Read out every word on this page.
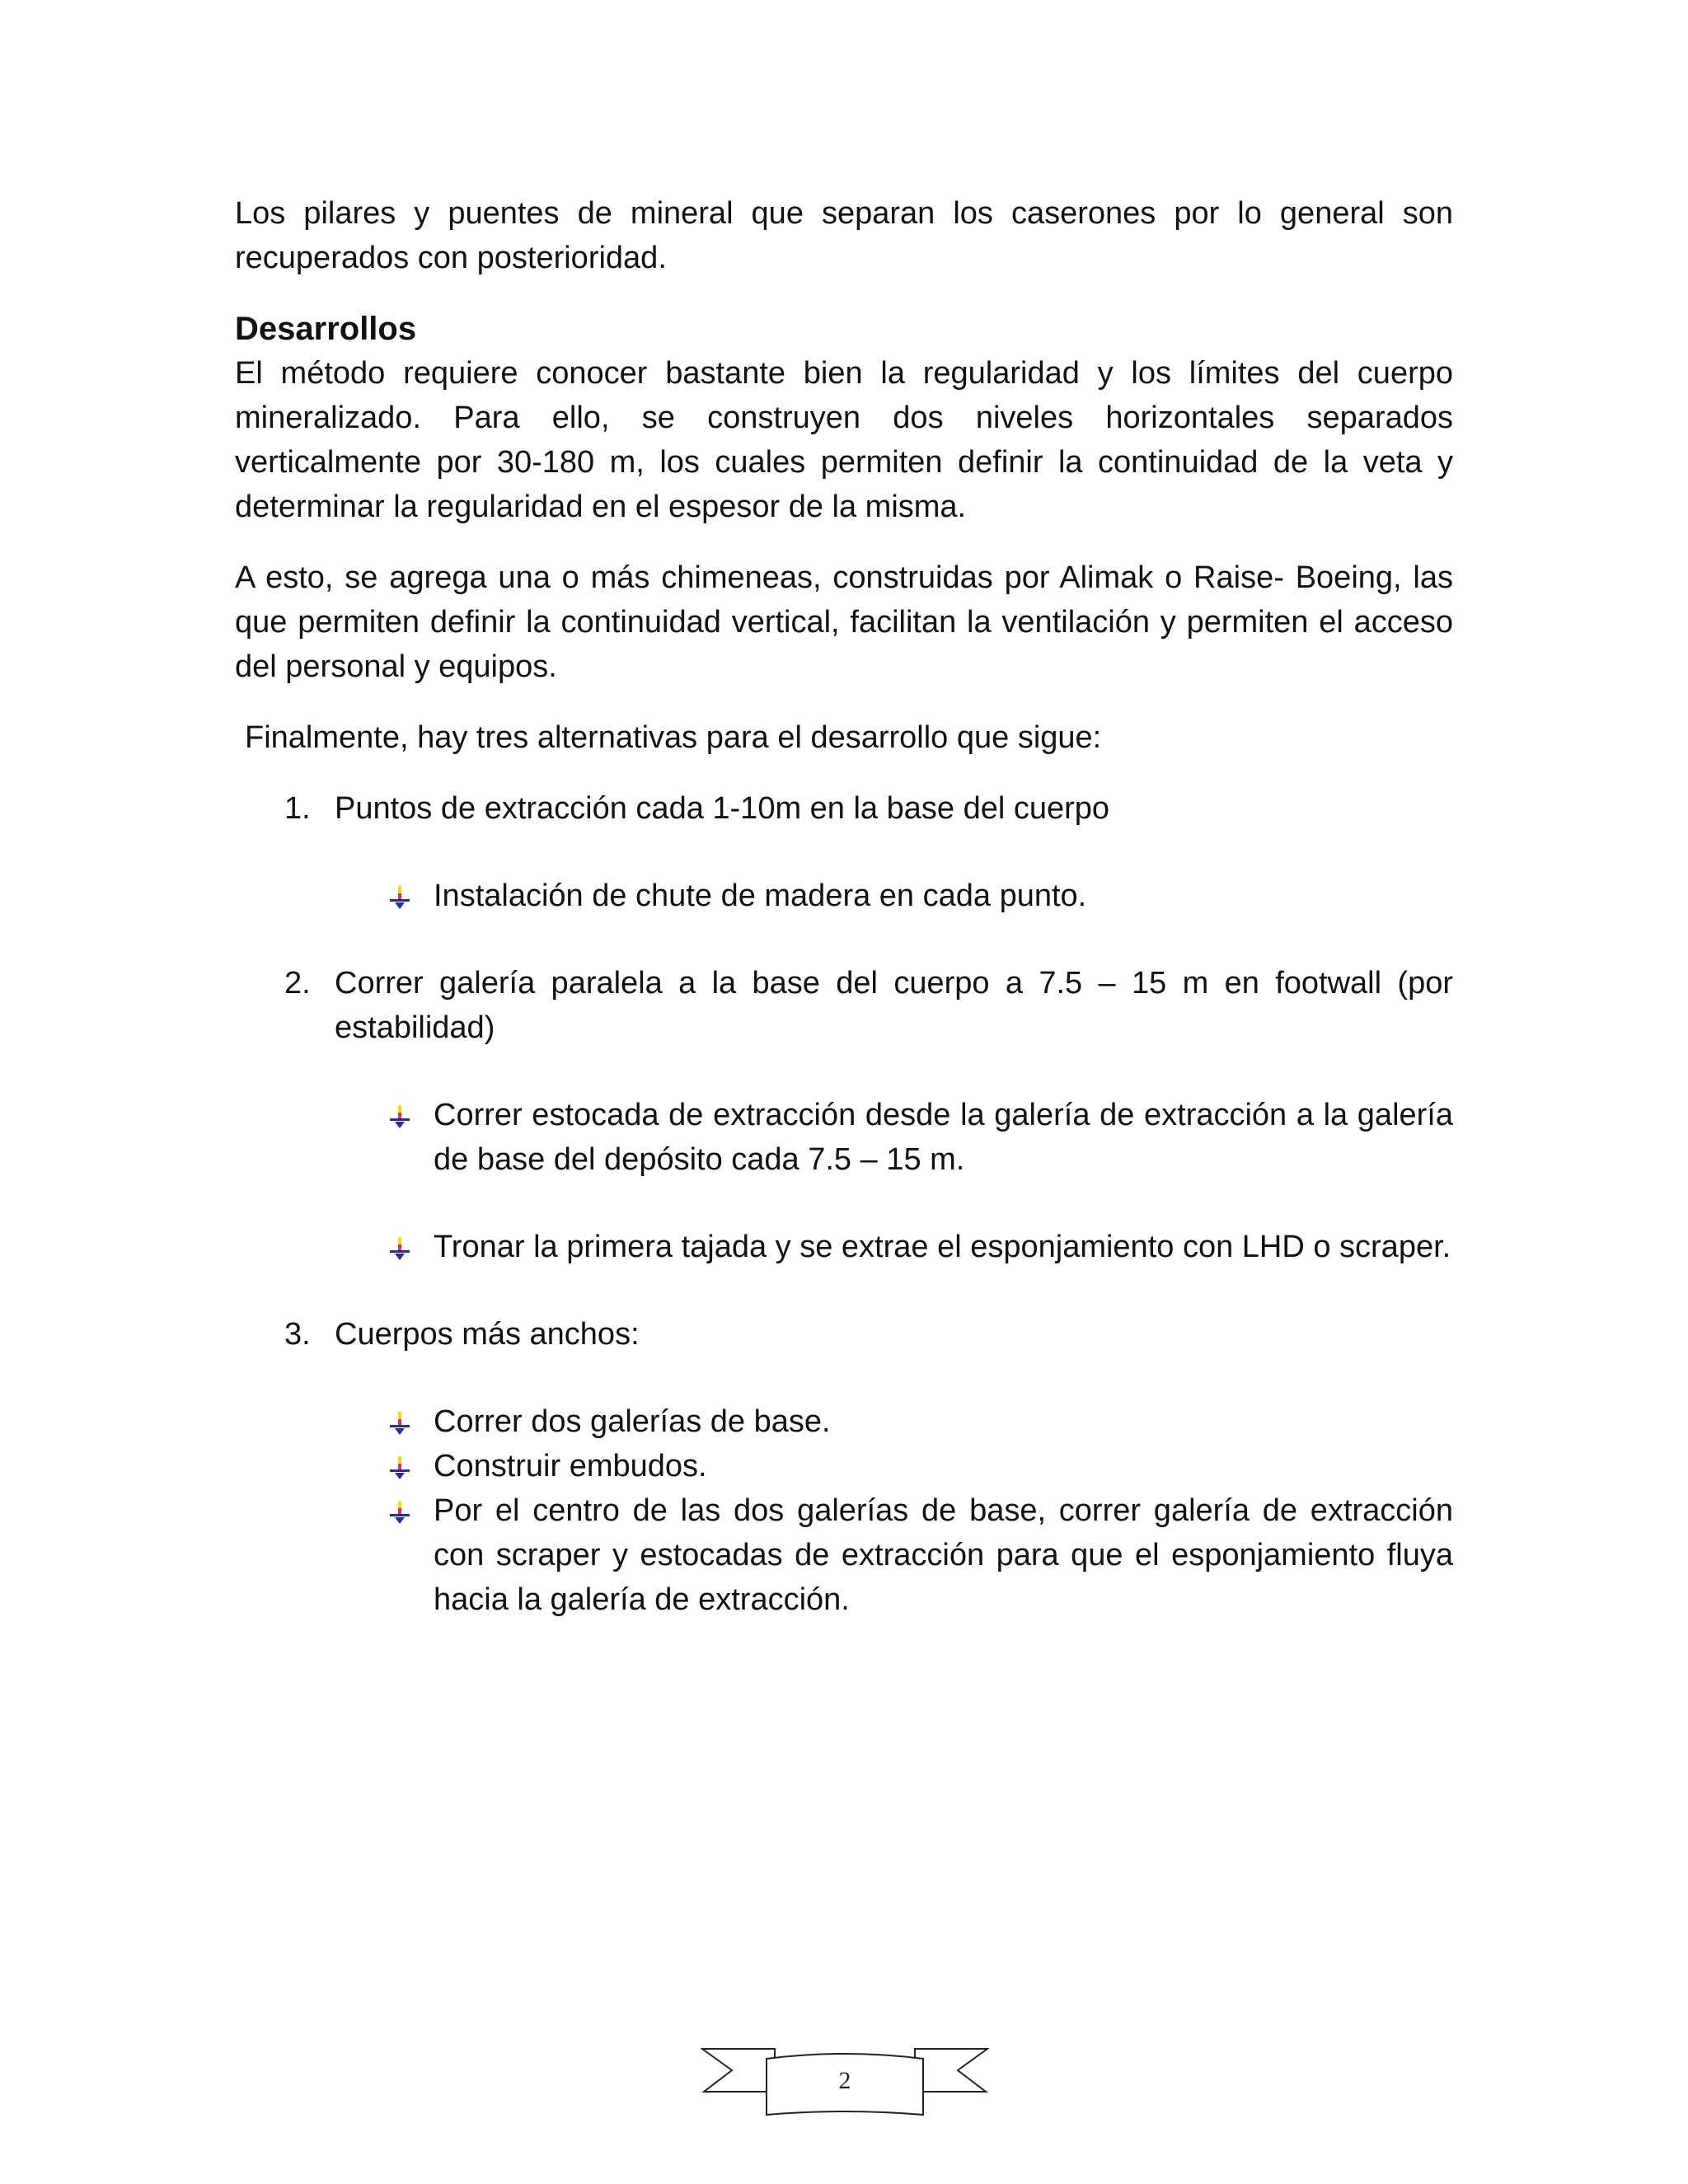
Los pilares y puentes de mineral que separan los caserones por lo general son recuperados con posterioridad.

Desarrollos

El método requiere conocer bastante bien la regularidad y los límites del cuerpo mineralizado. Para ello, se construyen dos niveles horizontales separados verticalmente por 30-180 m, los cuales permiten definir la continuidad de la veta y determinar la regularidad en el espesor de la misma.

A esto, se agrega una o más chimeneas, construidas por Alimak o Raise- Boeing, las que permiten definir la continuidad vertical, facilitan la ventilación y permiten el acceso del personal y equipos.

Finalmente, hay tres alternativas para el desarrollo que sigue:

1. Puntos de extracción cada 1-10m en la base del cuerpo
Instalación de chute de madera en cada punto.
2. Correr galería paralela a la base del cuerpo a 7.5 – 15 m en footwall (por estabilidad)
Correr estocada de extracción desde la galería de extracción a la galería de base del depósito cada 7.5 – 15 m.
Tronar la primera tajada y se extrae el esponjamiento con LHD o scraper.
3. Cuerpos más anchos:
Correr dos galerías de base.
Construir embudos.
Por el centro de las dos galerías de base, correr galería de extracción con scraper y estocadas de extracción para que el esponjamiento fluya hacia la galería de extracción.
2
